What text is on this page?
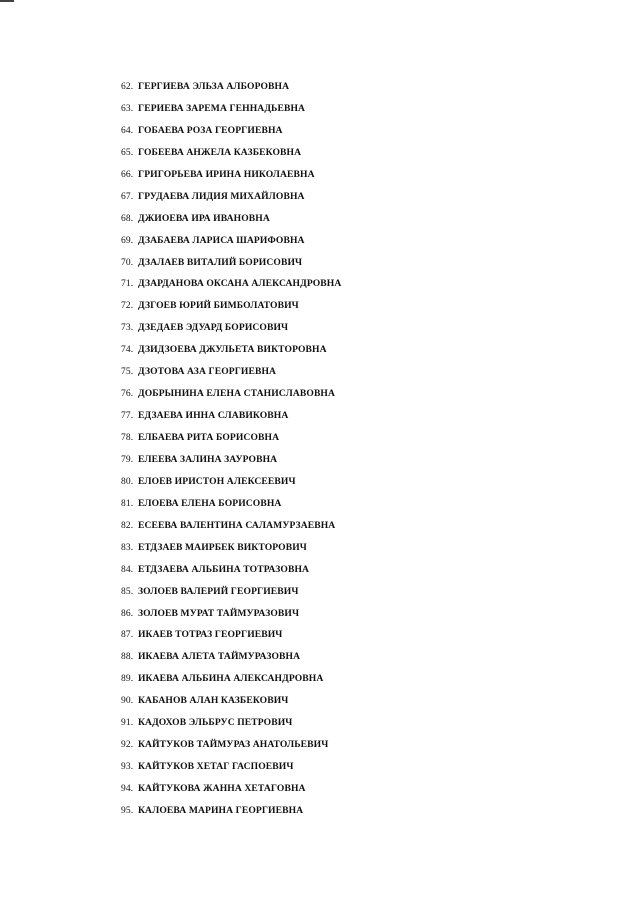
62. ГЕРГИЕВА ЭЛЬЗА АЛБОРОВНА
63. ГЕРИЕВА ЗАРЕМА ГЕННАДЬЕВНА
64. ГОБАЕВА РОЗА ГЕОРГИЕВНА
65. ГОБЕЕВА АНЖЕЛА КАЗБЕКОВНА
66. ГРИГОРЬЕВА ИРИНА НИКОЛАЕВНА
67. ГРУДАЕВА ЛИДИЯ МИХАЙЛОВНА
68. ДЖИОЕВА ИРА ИВАНОВНА
69. ДЗАБАЕВА ЛАРИСА ШАРИФОВНА
70. ДЗАЛАЕВ ВИТАЛИЙ БОРИСОВИЧ
71. ДЗАРДАНОВА ОКСАНА АЛЕКСАНДРОВНА
72. ДЗГОЕВ ЮРИЙ БИМБОЛАТОВИЧ
73. ДЗЕДАЕВ ЭДУАРД БОРИСОВИЧ
74. ДЗИДЗОЕВА ДЖУЛЬЕТА ВИКТОРОВНА
75. ДЗОТОВА АЗА ГЕОРГИЕВНА
76. ДОБРЫНИНА ЕЛЕНА СТАНИСЛАВОВНА
77. ЕДЗАЕВА ИННА СЛАВИКОВНА
78. ЕЛБАЕВА РИТА БОРИСОВНА
79. ЕЛЕЕВА ЗАЛИНА ЗАУРОВНА
80. ЕЛОЕВ ИРИСТОН АЛЕКСЕЕВИЧ
81. ЕЛОЕВА ЕЛЕНА БОРИСОВНА
82. ЕСЕЕВА ВАЛЕНТИНА САЛАМУРЗАЕВНА
83. ЕТДЗАЕВ МАИРБЕК ВИКТОРОВИЧ
84. ЕТДЗАЕВА АЛЬБИНА ТОТРАЗОВНА
85. ЗОЛОЕВ ВАЛЕРИЙ ГЕОРГИЕВИЧ
86. ЗОЛОЕВ МУРАТ ТАЙМУРАЗОВИЧ
87. ИКАЕВ ТОТРАЗ ГЕОРГИЕВИЧ
88. ИКАЕВА АЛЕТА ТАЙМУРАЗОВНА
89. ИКАЕВА АЛЬБИНА АЛЕКСАНДРОВНА
90. КАБАНОВ АЛАН КАЗБЕКОВИЧ
91. КАДОХОВ ЭЛЬБРУС ПЕТРОВИЧ
92. КАЙТУКОВ ТАЙМУРАЗ АНАТОЛЬЕВИЧ
93. КАЙТУКОВ ХЕТАГ ГАСПОЕВИЧ
94. КАЙТУКОВА ЖАННА ХЕТАГОВНА
95. КАЛОЕВА МАРИНА ГЕОРГИЕВНА
